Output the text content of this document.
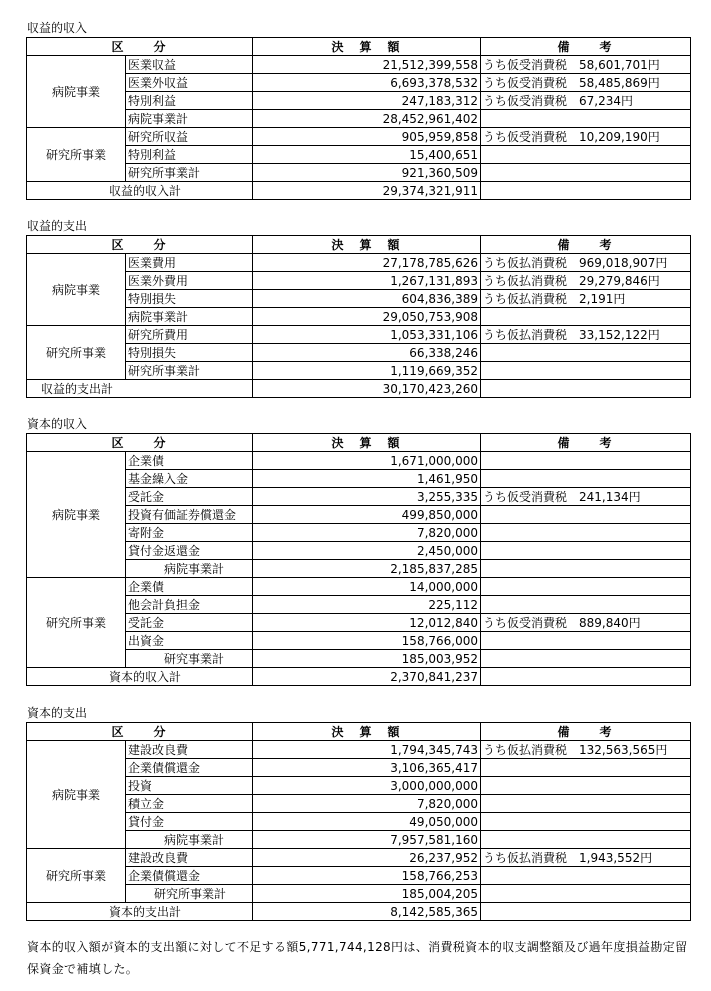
収益的収入
区　　分		決　算　額	備　　考
病院事業	医業収益	21,512,399,558	うち仮受消費税　58,601,701円
	医業外収益	6,693,378,532	うち仮受消費税　58,485,869円
	特別利益	247,183,312	うち仮受消費税　67,234円
	病院事業計	28,452,961,402	
研究所事業	研究所収益	905,959,858	うち仮受消費税　10,209,190円
	特別利益	15,400,651	
	研究所事業計	921,360,509	
収益的収入計		29,374,321,911	
収益的支出
区　　分		決　算　額	備　　考
病院事業	医業費用	27,178,785,626	うち仮払消費税　969,018,907円
	医業外費用	1,267,131,893	うち仮払消費税　29,279,846円
	特別損失	604,836,389	うち仮払消費税　2,191円
	病院事業計	29,050,753,908	
研究所事業	研究所費用	1,053,331,106	うち仮払消費税　33,152,122円
	特別損失	66,338,246	
	研究所事業計	1,119,669,352	
収益的支出計		30,170,423,260	
資本的収入
区　　分		決　算　額	備　　考
病院事業	企業債	1,671,000,000	
	基金繰入金	1,461,950	
	受託金	3,255,335	うち仮受消費税　241,134円
	投資有価証券償還金	499,850,000	
	寄附金	7,820,000	
	貸付金返還金	2,450,000	
	病院事業計	2,185,837,285	
研究所事業	企業債	14,000,000	
	他会計負担金	225,112	
	受託金	12,012,840	うち仮受消費税　889,840円
	出資金	158,766,000	
	研究事業計	185,003,952	
資本的収入計		2,370,841,237	
資本的支出
区　　分		決　算　額	備　　考
病院事業	建設改良費	1,794,345,743	うち仮払消費税　132,563,565円
	企業債償還金	3,106,365,417	
	投資	3,000,000,000	
	積立金	7,820,000	
	貸付金	49,050,000	
	病院事業計	7,957,581,160	
研究所事業	建設改良費	26,237,952	うち仮払消費税　1,943,552円
	企業債償還金	158,766,253	
	研究所事業計	185,004,205	
資本的支出計		8,142,585,365	
資本的収入額が資本的支出額に対して不足する額5,771,744,128円は、消費税資本的収支調整額及び過年度損益勘定留保資金で補填した。
